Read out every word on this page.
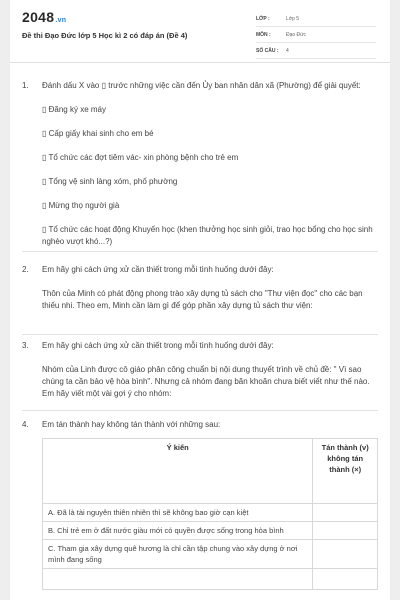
2048.vn
Đề thi Đạo Đức lớp 5 Học kì 2 có đáp án (Đề 4)
LỚP :	Lớp 5
MÔN :	Đạo Đức
SỐ CÂU :	4
1.	Đánh dấu X vào ▯ trước những việc cần đến Ủy ban nhân dân xã (Phường) để giải quyết:

▯ Đăng ký xe máy

▯ Cấp giấy khai sinh cho em bé

▯ Tổ chức các đợt tiêm vác- xin phòng bệnh cho trẻ em

▯ Tổng vệ sinh làng xóm, phố phường

▯ Mừng thọ người già

▯ Tổ chức các hoạt động Khuyến học (khen thưởng học sinh giỏi, trao học bổng cho học sinh nghèo vượt khó...?)

2.	Em hãy ghi cách ứng xử cần thiết trong mỗi tình huống dưới đây:

Thôn của Minh có phát động phong trào xây dựng tủ sách cho "Thư viện đọc" cho các bạn thiếu nhi. Theo em, Minh cần làm gì để góp phần xây dựng tủ sách thư viện:

3.	Em hãy ghi cách ứng xử cần thiết trong mỗi tình huống dưới đây:

Nhóm của Linh được cô giáo phân công chuẩn bị nội dung thuyết trình về chủ đề: " Vì sao chúng ta cần bảo vệ hòa bình". Nhưng cả nhóm đang băn khoăn chưa biết viết như thế nào. Em hãy viết một vài gợi ý cho nhóm:

4.	Em tán thành hay không tán thành với những sau:

Ý kiến	Tán thành (v) không tán thành (×)
A. Đã là tài nguyên thiên nhiên thì sẽ không bao giờ cạn kiệt	
B. Chỉ trẻ em ở đất nước giàu mới có quyền được sống trong hòa bình	
C. Tham gia xây dựng quê hương là chỉ cần tập chung vào xây dựng ở nơi mình đang sống	
